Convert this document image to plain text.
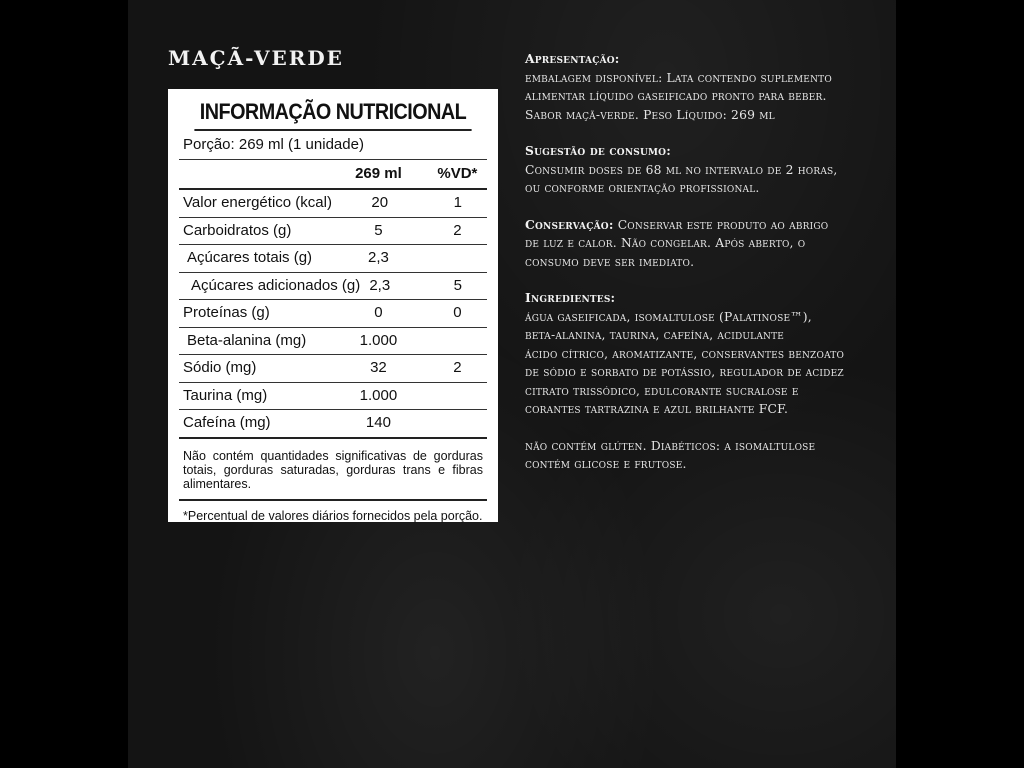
MAÇÃ-VERDE
INFORMAÇÃO NUTRICIONAL
Porção: 269 ml (1 unidade)
269 ml	%VD*
Valor energético (kcal)	20	1
Carboidratos (g)	5	2
Açúcares totais (g)	2,3
Açúcares adicionados (g) 2,3	5
Proteínas (g)	0	0
Beta-alanina (mg)	1.000
Sódio (mg)	32	2
Taurina (mg)	1.000
Cafeína (mg)	140
Não contém quantidades significativas de gorduras totais, gorduras saturadas, gorduras trans e fibras alimentares.
*Percentual de valores diários fornecidos pela porção.

Apresentação:
embalagem disponível: Lata contendo suplemento alimentar líquido gaseificado pronto para beber. Sabor maçã-verde. Peso Líquido: 269 ml

Sugestão de consumo:
Consumir doses de 68 ml no intervalo de 2 horas, ou conforme orientação profissional.

Conservação: Conservar este produto ao abrigo de luz e calor. Não congelar. Após aberto, o consumo deve ser imediato.

Ingredientes:

água gaseificada, isomaltulose (Palatinose™), beta-alanina, taurina, cafeína, acidulante
ácido cítrico, aromatizante, conservantes benzoato de sódio e sorbato de potássio, regulador de acidez citrato trissódico, edulcorante sucralose e corantes tartrazina e azul brilhante FCF.

não contém glúten. Diabéticos: a isomaltulose contém glicose e frutose.
